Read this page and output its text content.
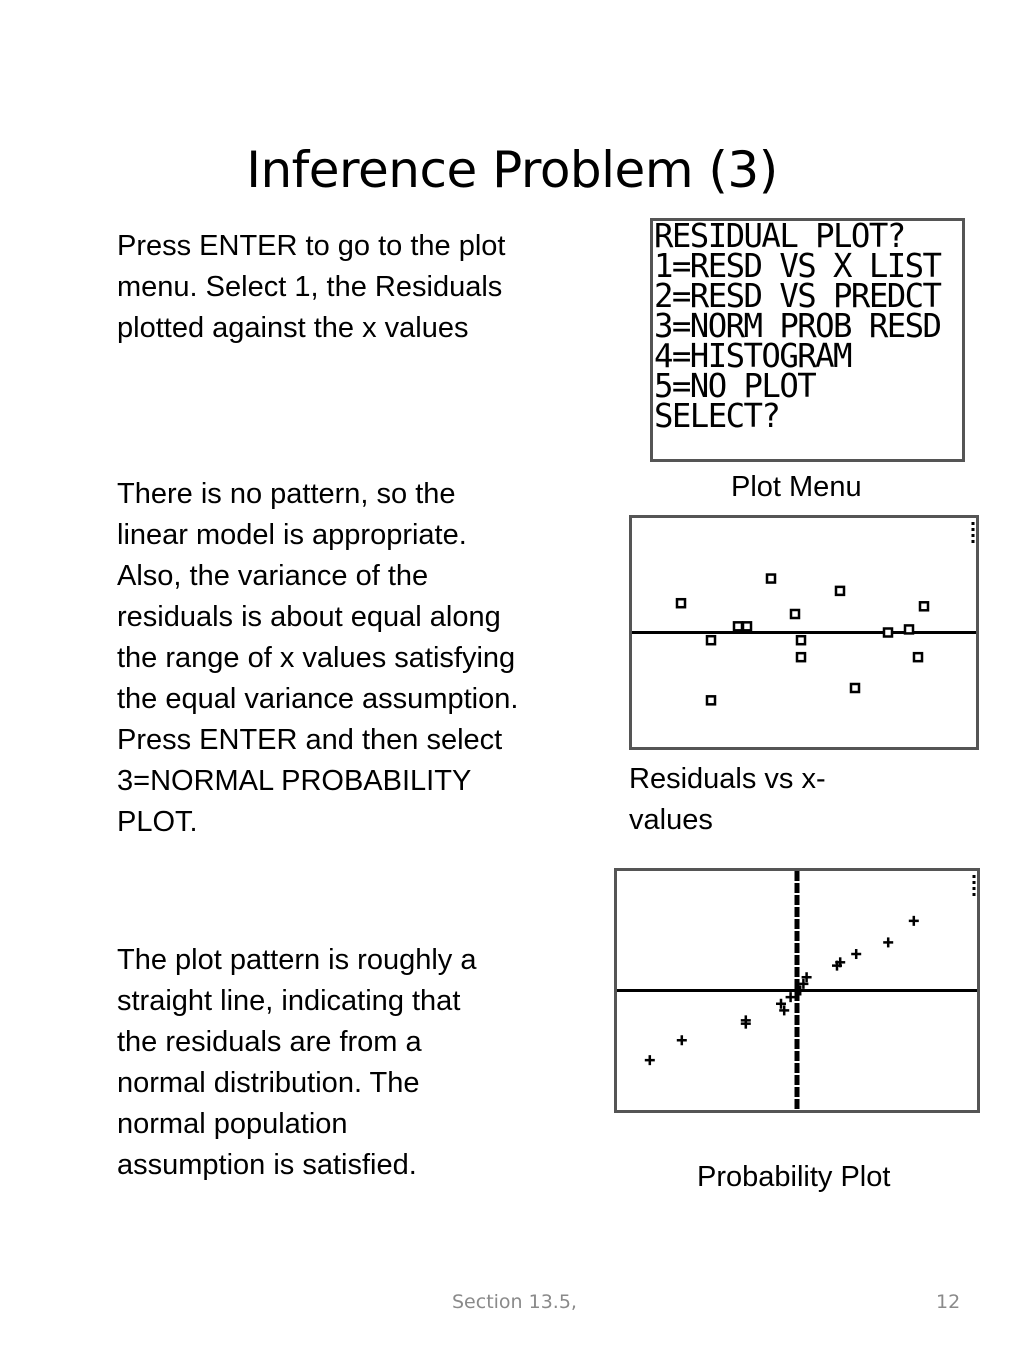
Inference Problem (3)

Press ENTER to go to the plot
menu. Select 1, the Residuals
plotted against the x values

There is no pattern, so the
linear model is appropriate.
Also, the variance of the
residuals is about equal along
the range of x values satisfying
the equal variance assumption.
Press ENTER and then select
3=NORMAL PROBABILITY
PLOT.

The plot pattern is roughly a
straight line, indicating that
the residuals are from a
normal distribution. The
normal population
assumption is satisfied.

RESIDUAL PLOT?
1=RESD VS X LIST
2=RESD VS PREDCT
3=NORM PROB RESD
4=HISTOGRAM
5=NO PLOT
SELECT?

Plot Menu

Residuals vs x-
values

Probability Plot

Section 13.5,	12
